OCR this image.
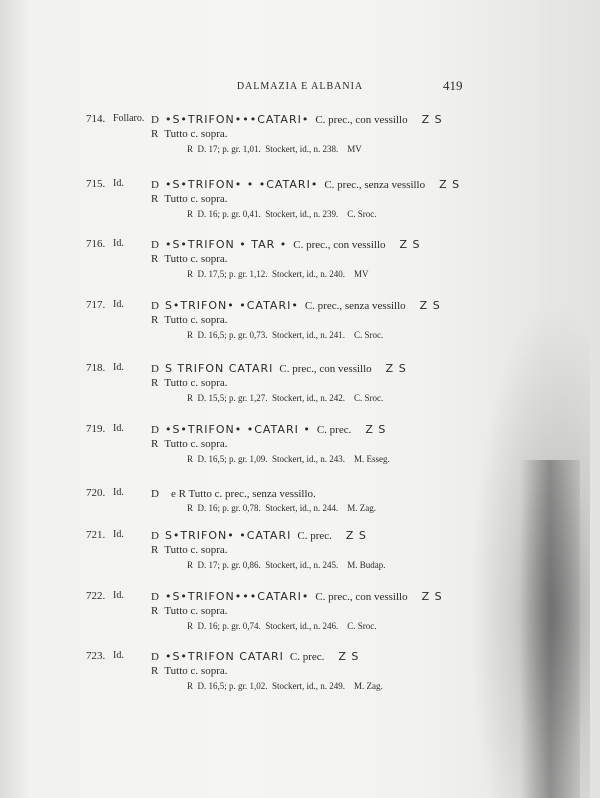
DALMAZIA E ALBANIA	419
714. Follaro. D •S•TRIFON•••CATARI• C. prec., con vessillo Z S
R Tutto c. sopra.
R D. 17; p. gr. 1,01. Stockert, id., n. 238. MV
715. Id. D •S•TRIFON• • •CATARI• C. prec., senza vessillo Z S
R Tutto c. sopra.
R D. 16; p. gr. 0,41. Stockert, id., n. 239. C. Sroc.
716. Id. D •S•TRIFON • TAR • C. prec., con vessillo Z S
R Tutto c. sopra.
R D. 17,5; p. gr. 1,12. Stockert, id., n. 240. MV
717. Id. D S•TRIFON• •CATARI• C. prec., senza vessillo Z S
R Tutto c. sopra.
R D. 16,5; p. gr. 0,73. Stockert, id., n. 241. C. Sroc.
718. Id. D S TRIFON CATARI C. prec., con vessillo Z S
R Tutto c. sopra.
R D. 15,5; p. gr. 1,27. Stockert, id., n. 242. C. Sroc.
719. Id. D •S•TRIFON• •CATARI • C. prec. Z S
R Tutto c. sopra.
R D. 16,5; p. gr. 1,09. Stockert, id., n. 243. M. Esseg.
720. Id. D e R Tutto c. prec., senza vessillo.
R D. 16; p. gr. 0,78. Stockert, id., n. 244. M. Zag.
721. Id. D S•TRIFON• •CATARI C. prec. Z S
R Tutto c. sopra.
R D. 17; p. gr. 0,86. Stockert, id., n. 245. M. Budap.
722. Id. D •S•TRIFON•••CATARI• C. prec., con vessillo Z S
R Tutto c. sopra.
R D. 16; p. gr. 0,74. Stockert, id., n. 246. C. Sroc.
723. Id. D •S•TRIFON CATARI C. prec. Z S
R Tutto c. sopra.
R D. 16,5; p. gr. 1,02. Stockert, id., n. 249. M. Zag.
